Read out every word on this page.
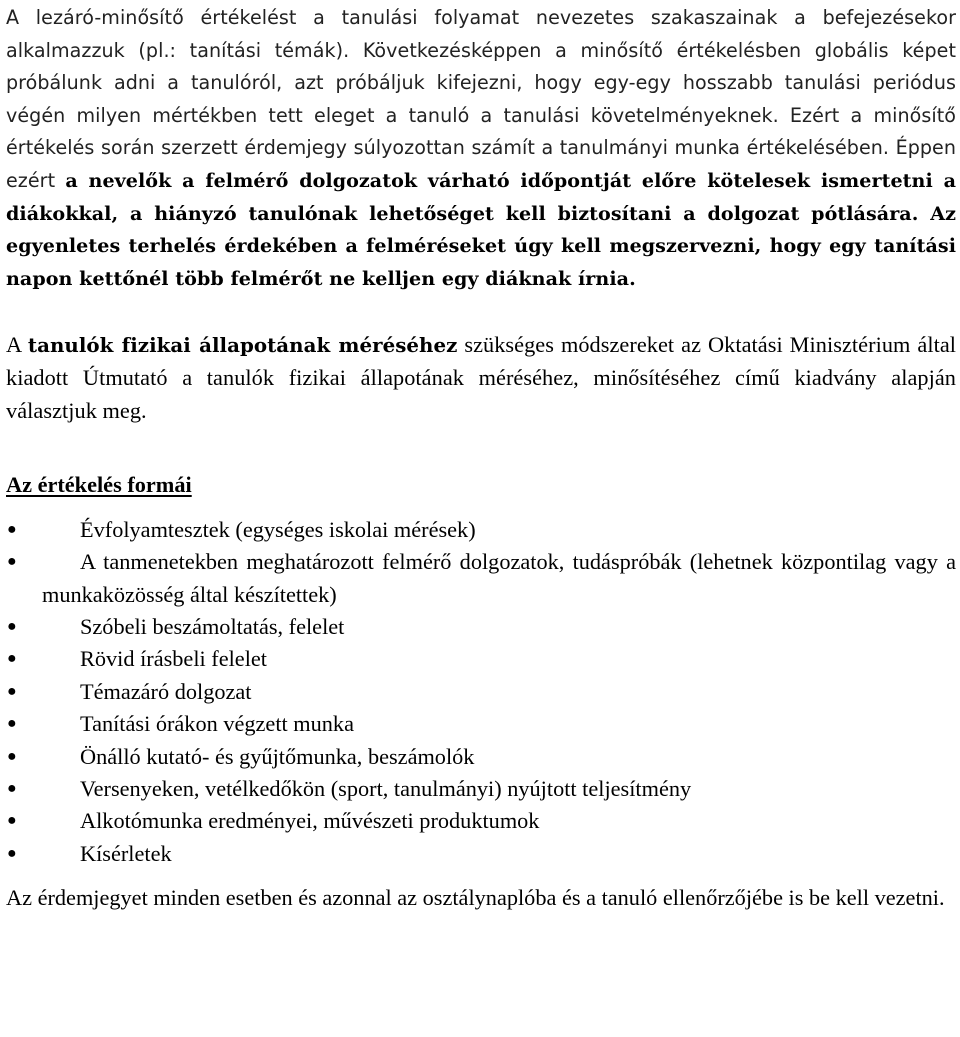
A lezáró-minősítő értékelést a tanulási folyamat nevezetes szakaszainak a befejezésekor alkalmazzuk (pl.: tanítási témák). Következésképpen a minősítő értékelésben globális képet próbálunk adni a tanulóról, azt próbáljuk kifejezni, hogy egy-egy hosszabb tanulási periódus végén milyen mértékben tett eleget a tanuló a tanulási követelményeknek. Ezért a minősítő értékelés során szerzett érdemjegy súlyozottan számít a tanulmányi munka értékelésében. Éppen ezért a nevelők a felmérő dolgozatok várható időpontját előre kötelesek ismertetni a diákokkal, a hiányzó tanulónak lehetőséget kell biztosítani a dolgozat pótlására. Az egyenletes terhelés érdekében a felméréseket úgy kell megszervezni, hogy egy tanítási napon kettőnél több felmérőt ne kelljen egy diáknak írnia.

A tanulók fizikai állapotának méréséhez szükséges módszereket az Oktatási Minisztérium által kiadott Útmutató a tanulók fizikai állapotának méréséhez, minősítéséhez című kiadvány alapján választjuk meg.

Az értékelés formái
●	Évfolyamtesztek (egységes iskolai mérések)
●	A tanmenetekben meghatározott felmérő dolgozatok, tudáspróbák (lehetnek központilag vagy a munkaközösség által készítettek)
●	Szóbeli beszámoltatás, felelet
●	Rövid írásbeli felelet
●	Témazáró dolgozat
●	Tanítási órákon végzett munka
●	Önálló kutató- és gyűjtőmunka, beszámolók
●	Versenyeken, vetélkedőkön (sport, tanulmányi) nyújtott teljesítmény
●	Alkotómunka eredményei, művészeti produktumok
●	Kísérletek

Az érdemjegyet minden esetben és azonnal az osztálynaplóba és a tanuló ellenőrzőjébe is be kell vezetni.
